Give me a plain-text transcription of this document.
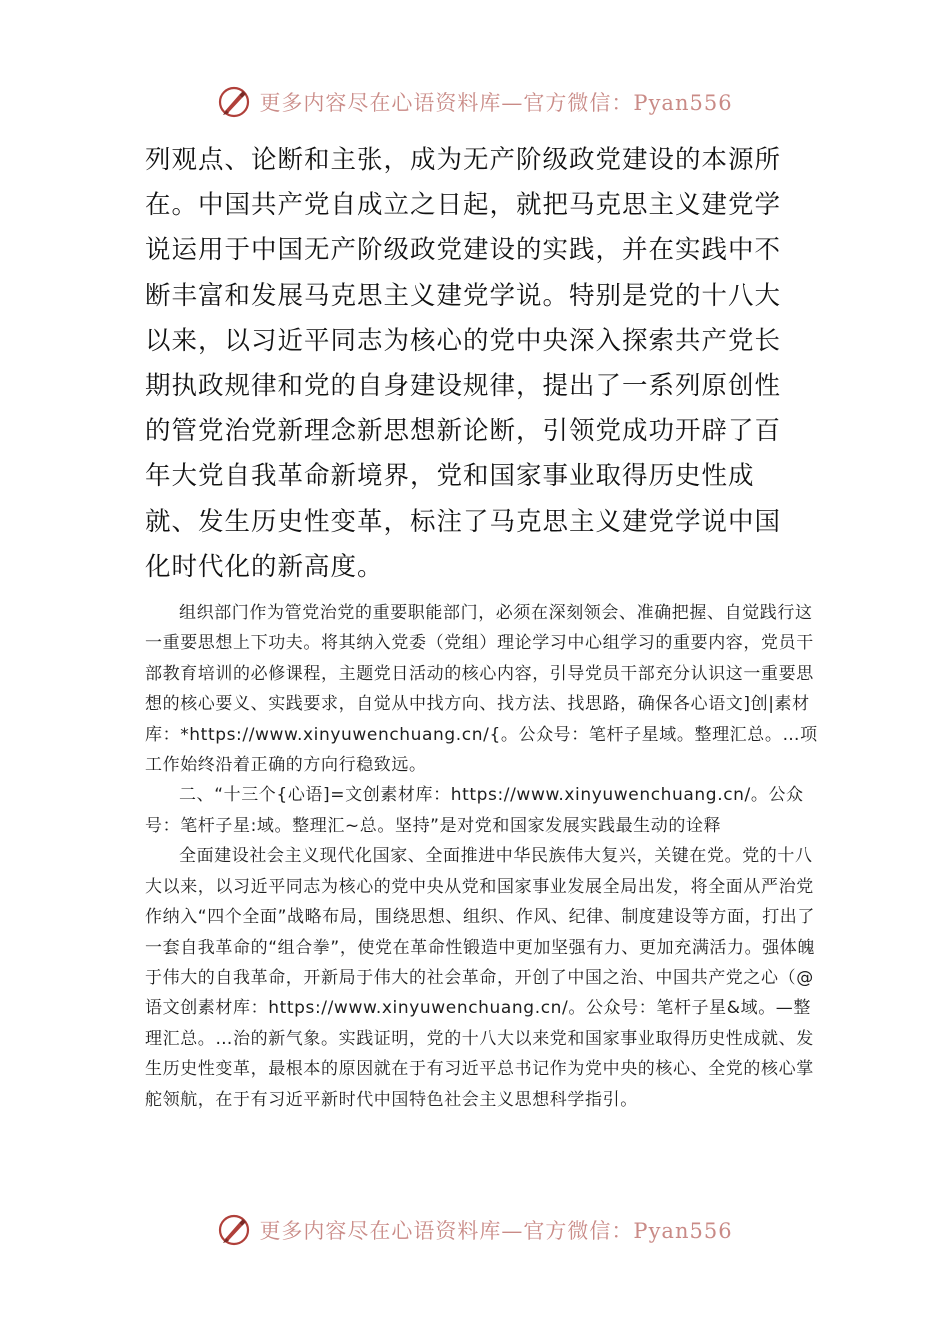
更多内容尽在心语资料库—官方微信：Pyan556

列观点、论断和主张，成为无产阶级政党建设的本源所在。中国共产党自成立之日起，就把马克思主义建党学说运用于中国无产阶级政党建设的实践，并在实践中不断丰富和发展马克思主义建党学说。特别是党的十八大以来，以习近平同志为核心的党中央深入探索共产党长期执政规律和党的自身建设规律，提出了一系列原创性的管党治党新理念新思想新论断，引领党成功开辟了百年大党自我革命新境界，党和国家事业取得历史性成就、发生历史性变革，标注了马克思主义建党学说中国化时代化的新高度。

组织部门作为管党治党的重要职能部门，必须在深刻领会、准确把握、自觉践行这一重要思想上下功夫。将其纳入党委（党组）理论学习中心组学习的重要内容，党员干部教育培训的必修课程，主题党日活动的核心内容，引导党员干部充分认识这一重要思想的核心要义、实践要求，自觉从中找方向、找方法、找思路，确保各心语文]创|素材库：*https://www.xinyuwenchuang.cn/{。公众号：笔杆子星域。整理汇总。…项工作始终沿着正确的方向行稳致远。

二、“十三个{心语]=文创素材库：https://www.xinyuwenchuang.cn/。公众号：笔杆子星:域。整理汇~总。坚持”是对党和国家发展实践最生动的诠释

全面建设社会主义现代化国家、全面推进中华民族伟大复兴，关键在党。党的十八大以来，以习近平同志为核心的党中央从党和国家事业发展全局出发，将全面从严治党作纳入“四个全面”战略布局，围绕思想、组织、作风、纪律、制度建设等方面，打出了一套自我革命的“组合拳”，使党在革命性锻造中更加坚强有力、更加充满活力。强体魄于伟大的自我革命，开新局于伟大的社会革命，开创了中国之治、中国共产党之心（@语文创素材库：https://www.xinyuwenchuang.cn/。公众号：笔杆子星&域。—整理汇总。…治的新气象。实践证明，党的十八大以来党和国家事业取得历史性成就、发生历史性变革，最根本的原因就在于有习近平总书记作为党中央的核心、全党的核心掌舵领航，在于有习近平新时代中国特色社会主义思想科学指引。

更多内容尽在心语资料库—官方微信：Pyan556
